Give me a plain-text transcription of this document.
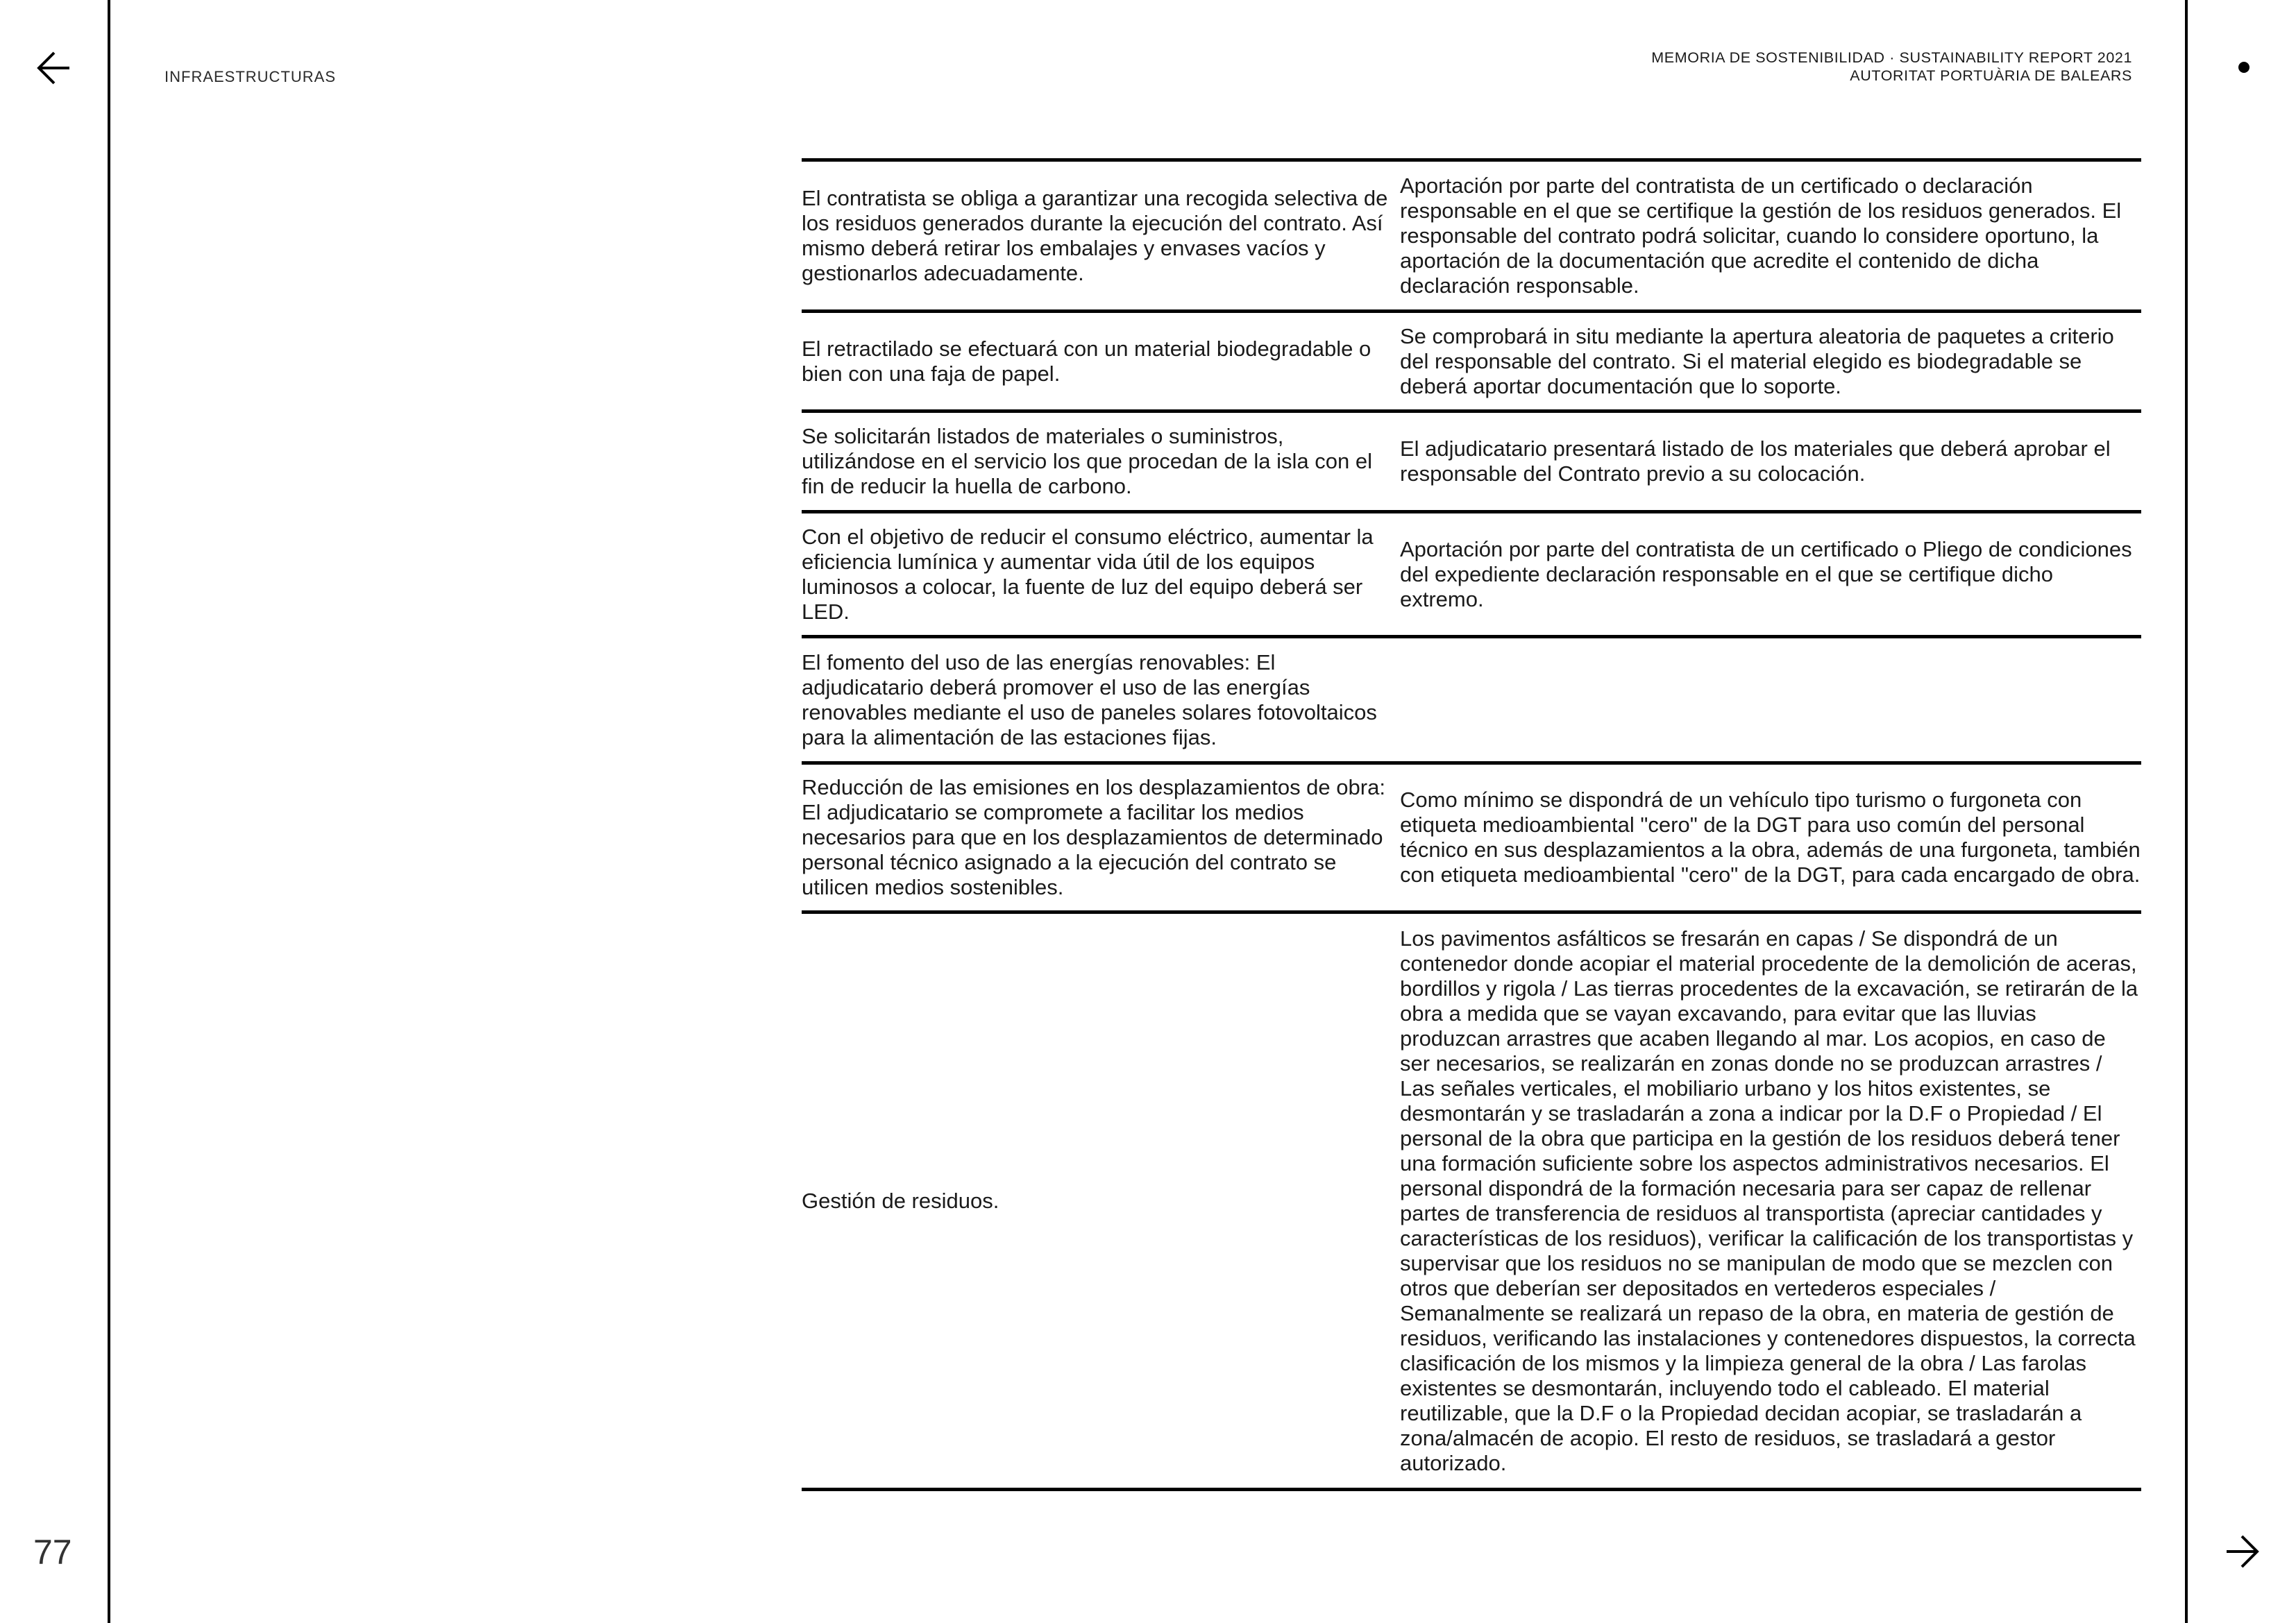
INFRAESTRUCTURAS
MEMORIA DE SOSTENIBILIDAD · SUSTAINABILITY REPORT 2021
AUTORITAT PORTUÀRIA DE BALEARS
El contratista se obliga a garantizar una recogida selectiva de los residuos generados durante la ejecución del contrato. Así mismo deberá retirar los embalajes y envases vacíos y gestionarlos adecuadamente.
Aportación por parte del contratista de un certificado o declaración responsable en el que se certifique la gestión de los residuos generados. El responsable del contrato podrá solicitar, cuando lo considere oportuno, la aportación de la documentación que acredite el contenido de dicha declaración responsable.
El retractilado se efectuará con un material biodegradable o bien con una faja de papel.
Se comprobará in situ mediante la apertura aleatoria de paquetes a criterio del responsable del contrato. Si el material elegido es biodegradable se deberá aportar documentación que lo soporte.
Se solicitarán listados de materiales o suministros, utilizándose en el servicio los que procedan de la isla con el fin de reducir la huella de carbono.
El adjudicatario presentará listado de los materiales que deberá aprobar el responsable del Contrato previo a su colocación.
Con el objetivo de reducir el consumo eléctrico, aumentar la eficiencia lumínica y aumentar vida útil de los equipos luminosos a colocar, la fuente de luz del equipo deberá ser LED.
Aportación por parte del contratista de un certificado o Pliego de condiciones del expediente declaración responsable en el que se certifique dicho extremo.
El fomento del uso de las energías renovables: El adjudicatario deberá promover el uso de las energías renovables mediante el uso de paneles solares fotovoltaicos para la alimentación de las estaciones fijas.
Reducción de las emisiones en los desplazamientos de obra: El adjudicatario se compromete a facilitar los medios necesarios para que en los desplazamientos de determinado personal técnico asignado a la ejecución del contrato se utilicen medios sostenibles.
Como mínimo se dispondrá de un vehículo tipo turismo o furgoneta con etiqueta medioambiental "cero" de la DGT para uso común del personal técnico en sus desplazamientos a la obra, además de una furgoneta, también con etiqueta medioambiental "cero" de la DGT, para cada encargado de obra.
Gestión de residuos.
Los pavimentos asfálticos se fresarán en capas / Se dispondrá de un contenedor donde acopiar el material procedente de la demolición de aceras, bordillos y rigola / Las tierras procedentes de la excavación, se retirarán de la obra a medida que se vayan excavando, para evitar que las lluvias produzcan arrastres que acaben llegando al mar. Los acopios, en caso de ser necesarios, se realizarán en zonas donde no se produzcan arrastres / Las señales verticales, el mobiliario urbano y los hitos existentes, se desmontarán y se trasladarán a zona a indicar por la D.F o Propiedad / El personal de la obra que participa en la gestión de los residuos deberá tener una formación suficiente sobre los aspectos administrativos necesarios. El personal dispondrá de la formación necesaria para ser capaz de rellenar partes de transferencia de residuos al transportista (apreciar cantidades y características de los residuos), verificar la calificación de los transportistas y supervisar que los residuos no se manipulan de modo que se mezclen con otros que deberían ser depositados en vertederos especiales / Semanalmente se realizará un repaso de la obra, en materia de gestión de residuos, verificando las instalaciones y contenedores dispuestos, la correcta clasificación de los mismos y la limpieza general de la obra / Las farolas existentes se desmontarán, incluyendo todo el cableado. El material reutilizable, que la D.F o la Propiedad decidan acopiar, se trasladarán a zona/almacén de acopio. El resto de residuos, se trasladará a gestor autorizado.
77
